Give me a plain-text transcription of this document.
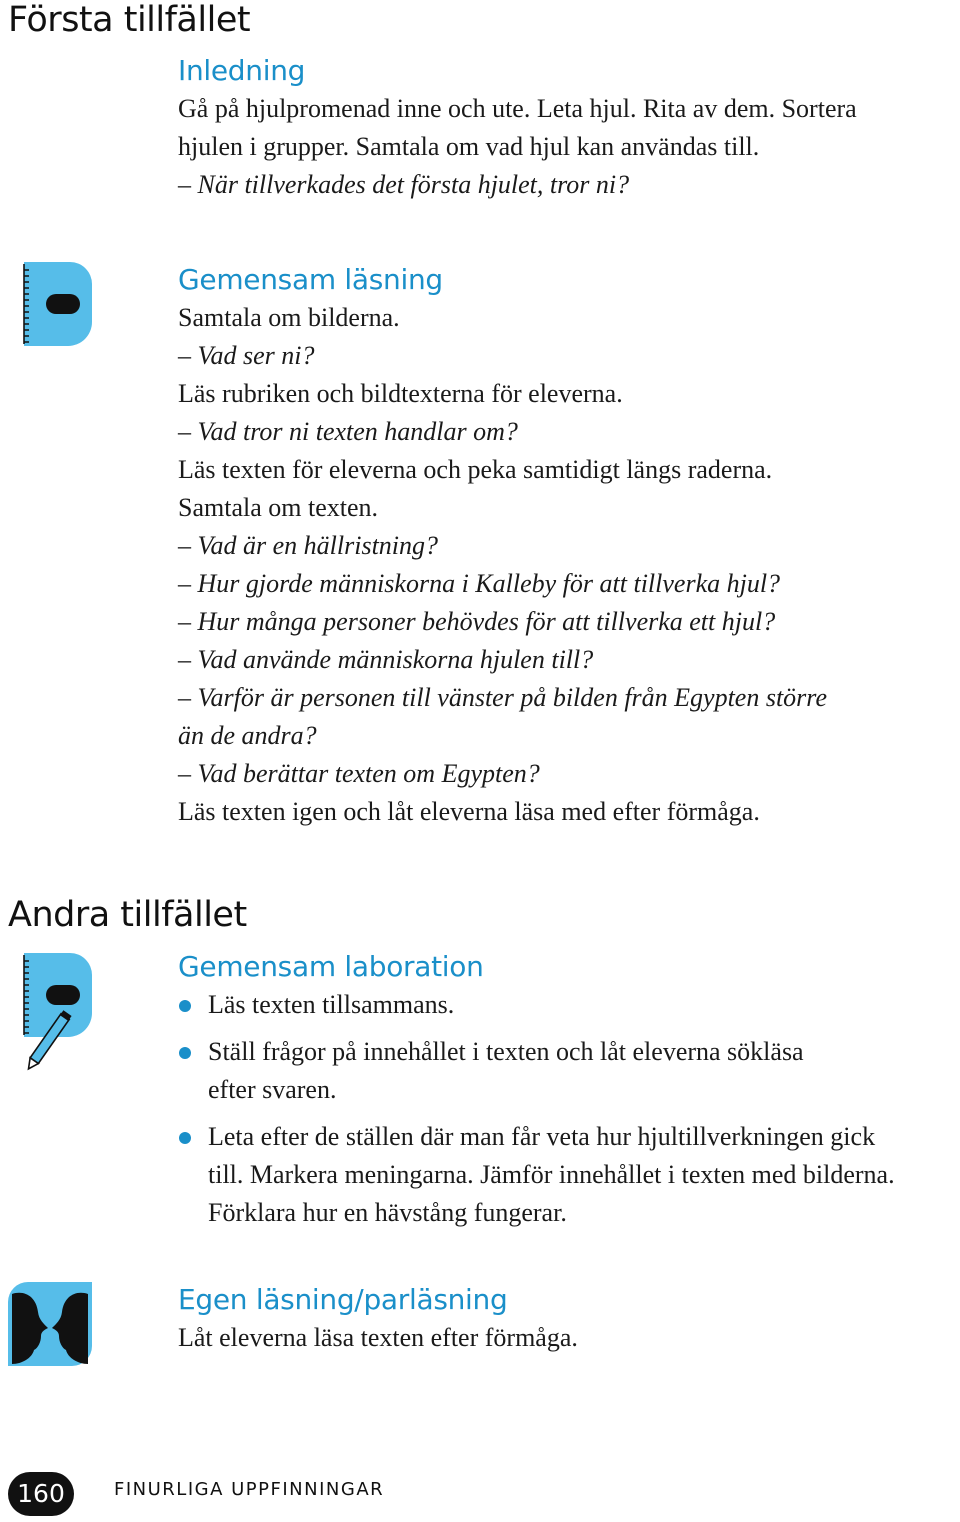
Första tillfället
Inledning
Gå på hjulpromenad inne och ute. Leta hjul. Rita av dem. Sortera
hjulen i grupper. Samtala om vad hjul kan användas till.
– När tillverkades det första hjulet, tror ni?
Gemensam läsning
Samtala om bilderna.
– Vad ser ni?
Läs rubriken och bildtexterna för eleverna.
– Vad tror ni texten handlar om?
Läs texten för eleverna och peka samtidigt längs raderna.
Samtala om texten.
– Vad är en hällristning?
– Hur gjorde människorna i Kalleby för att tillverka hjul?
– Hur många personer behövdes för att tillverka ett hjul?
– Vad använde människorna hjulen till?
– Varför är personen till vänster på bilden från Egypten större
än de andra?
– Vad berättar texten om Egypten?
Läs texten igen och låt eleverna läsa med efter förmåga.
Andra tillfället
Gemensam laboration
Läs texten tillsammans.
Ställ frågor på innehållet i texten och låt eleverna sökläsa
efter svaren.
Leta efter de ställen där man får veta hur hjultillverkningen gick
till. Markera meningarna. Jämför innehållet i texten med bilderna.
Förklara hur en hävstång fungerar.
Egen läsning/parläsning
Låt eleverna läsa texten efter förmåga.
160	FINURLIGA UPPFINNINGAR
